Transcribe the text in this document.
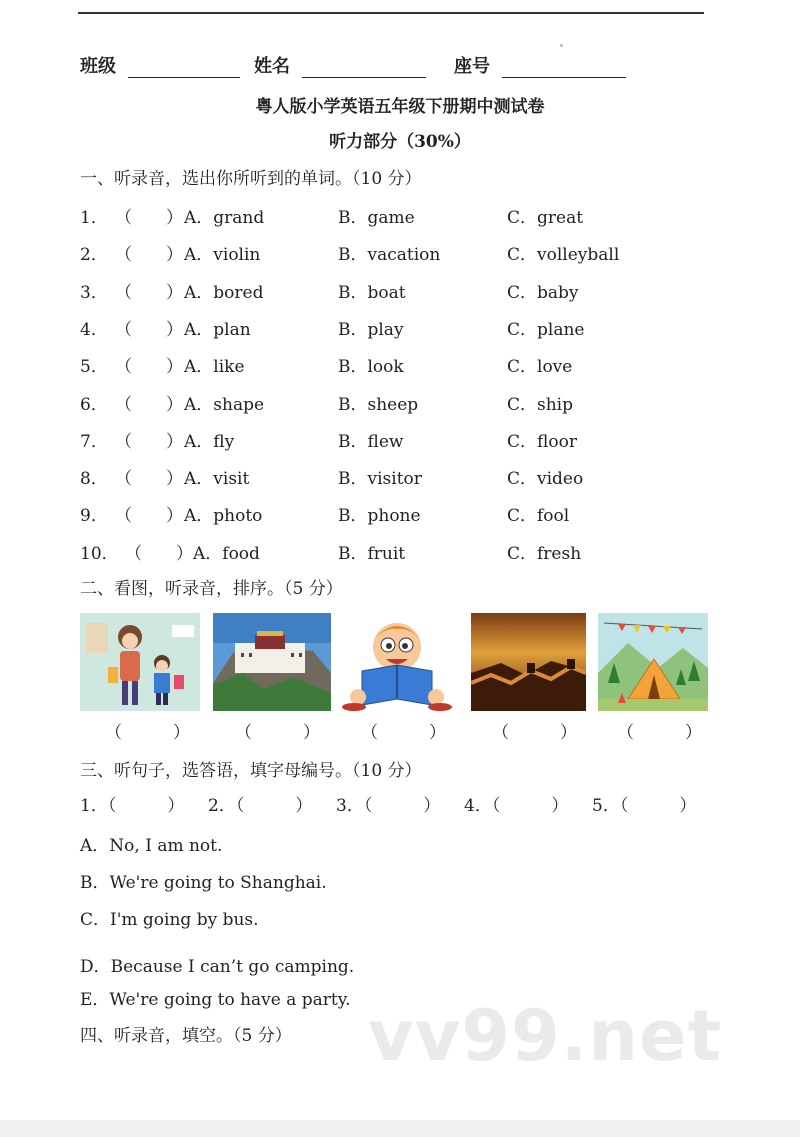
班级	姓名	座号
粤人版小学英语五年级下册期中测试卷
听力部分（30%）
一、听录音，选出你所听到的单词。（10 分）
1． （　　） A．grand	B．game	C．great
2． （　　） A．violin	B．vacation	C．volleyball
3． （　　） A．bored	B．boat	C．baby
4． （　　） A．plan	B．play	C．plane
5． （　　） A．like	B．look	C．love
6． （　　） A．shape	B．sheep	C．ship
7． （　　） A．fly	B．flew	C．floor
8． （　　） A．visit	B．visitor	C．video
9． （　　） A．photo	B．phone	C．fool
10． （　　） A．food	B．fruit	C．fresh
二、看图，听录音，排序。（5 分）
（　　　）	（　　　） （　　　）	（　　　） （　　　）
三、听句子，选答语，填字母编号。（10 分）
1．（　　　） 2．（　　　） 3．（　　　） 4．（　　　） 5．（　　　）
A．No, I am not.
B．We're going to Shanghai.
C．I'm going by bus.
D．Because I can’t go camping.
E．We're going to have a party.
四、听录音，填空。（5 分） vv99.net
